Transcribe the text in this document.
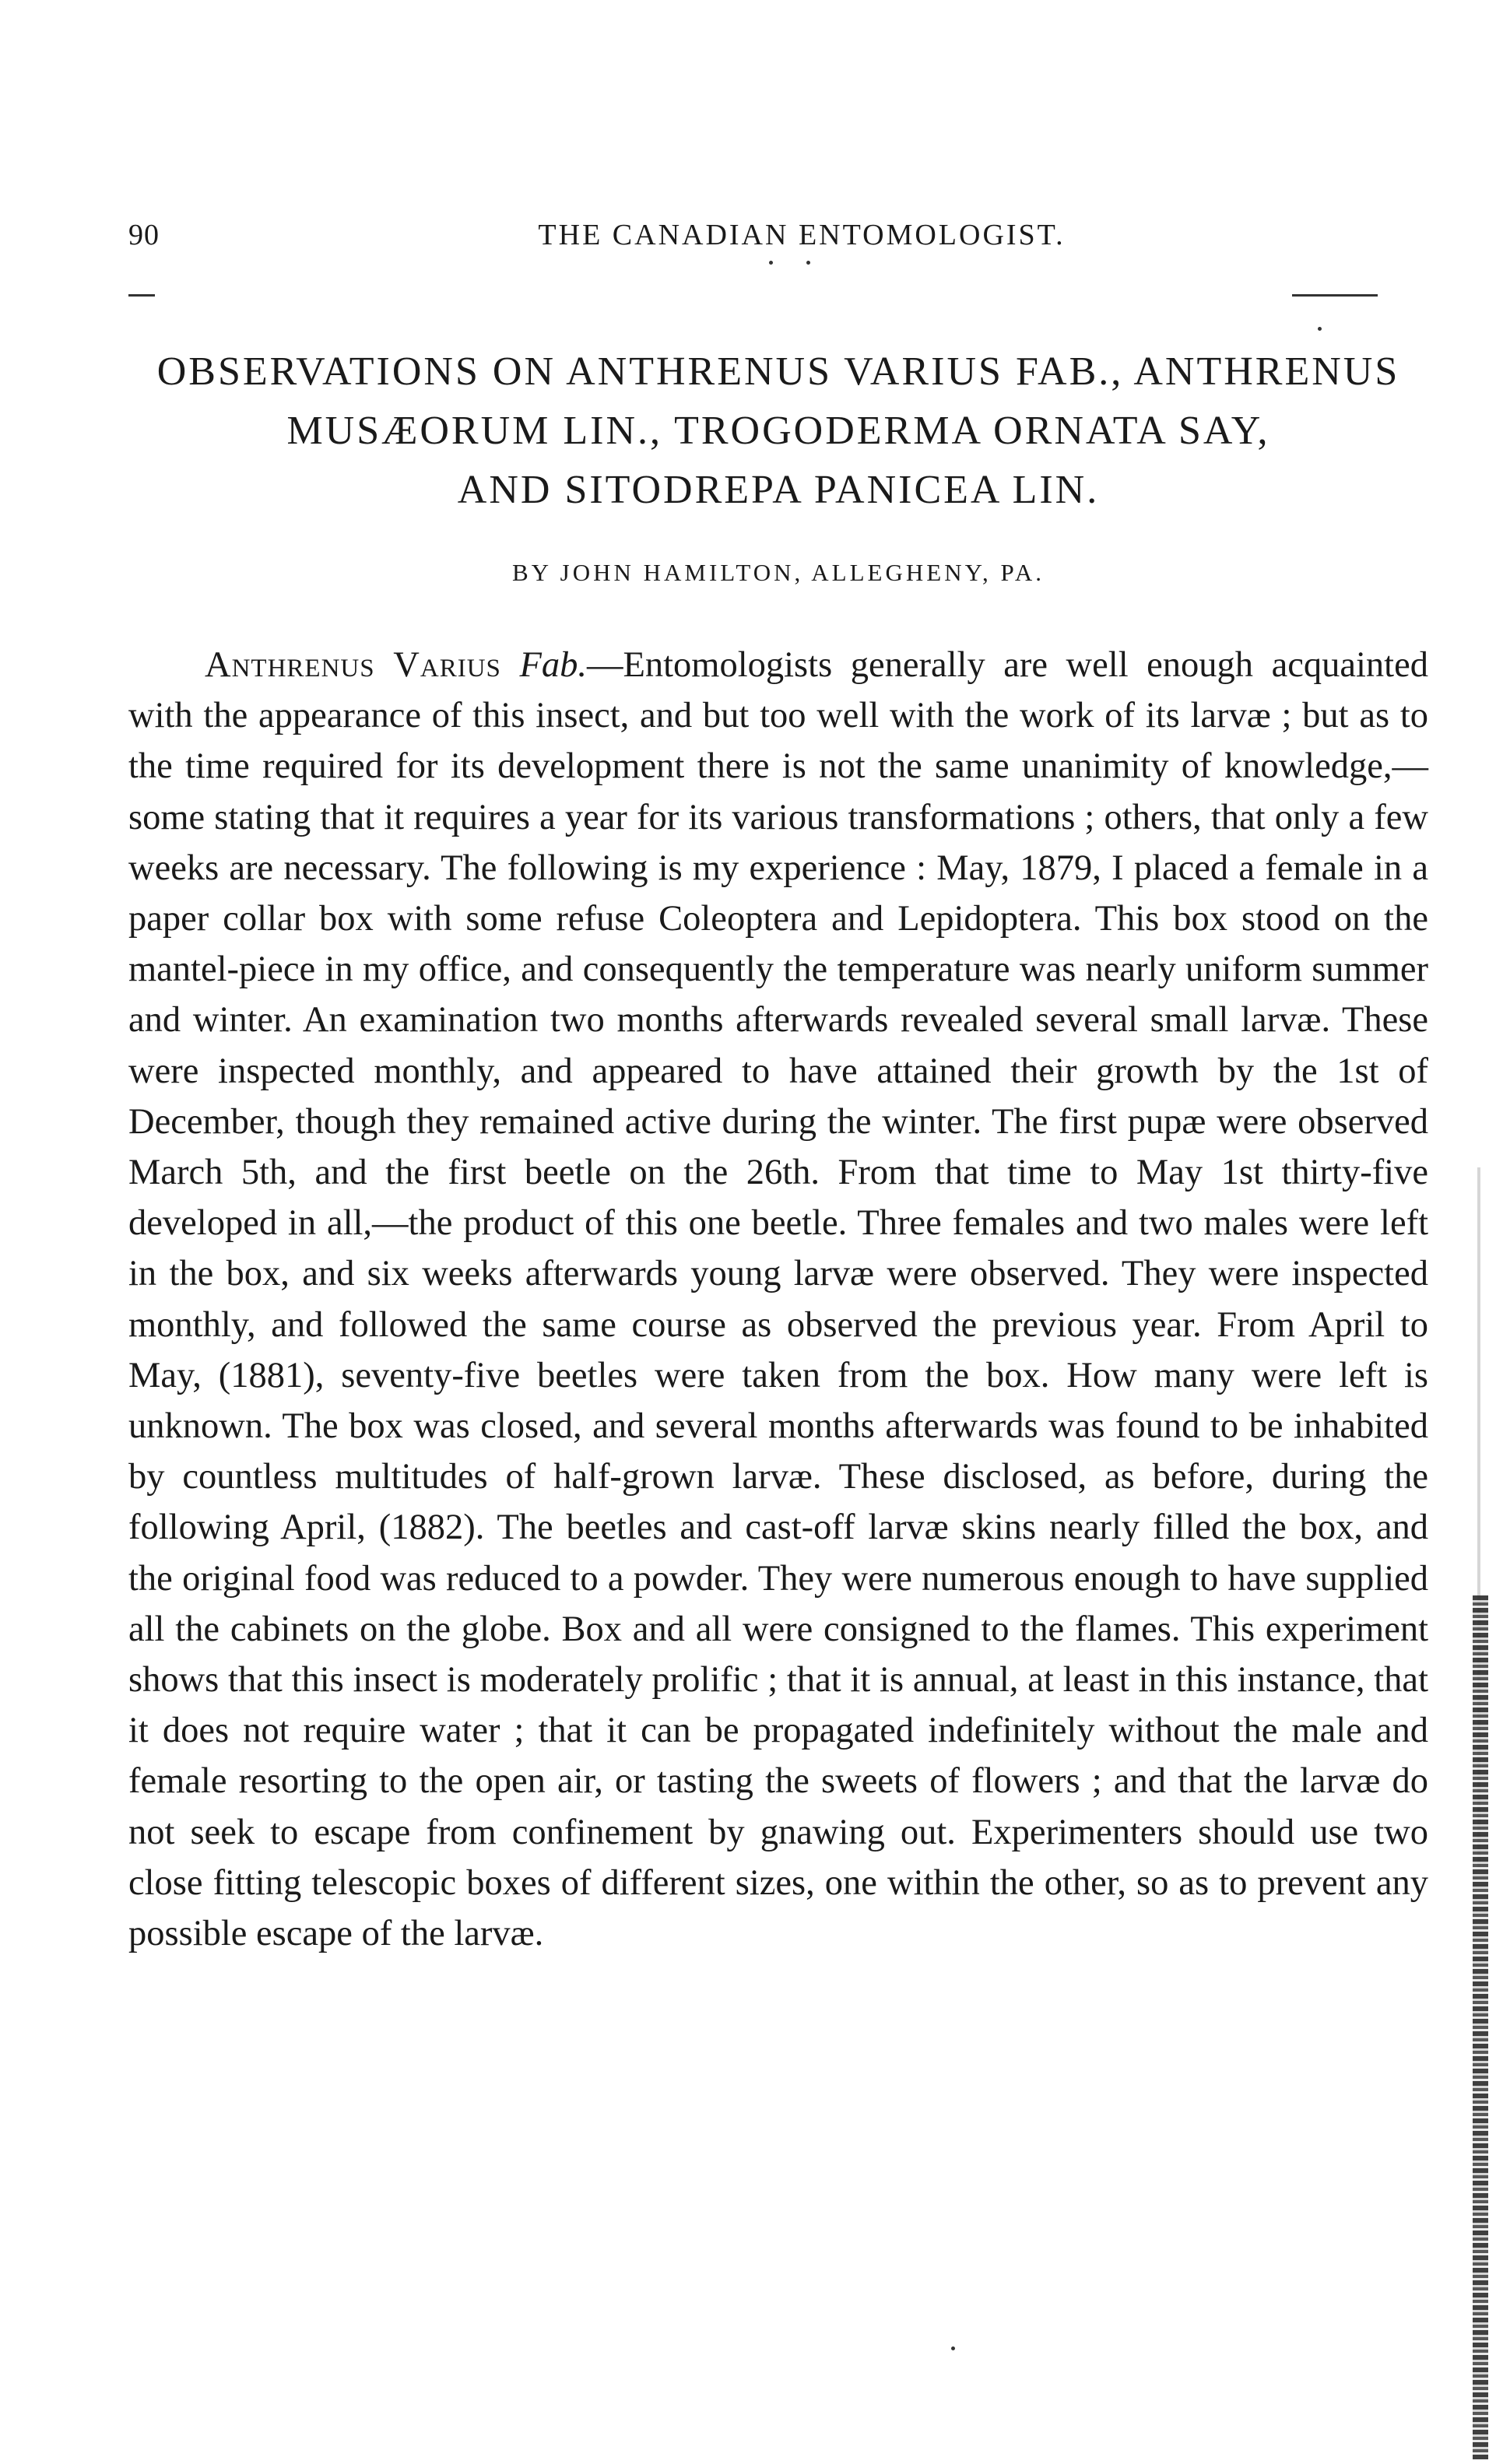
90	THE CANADIAN ENTOMOLOGIST.
OBSERVATIONS ON ANTHRENUS VARIUS FAB., ANTHRENUS
MUSÆORUM LIN., TROGODERMA ORNATA SAY,
AND SITODREPA PANICEA LIN.
BY JOHN HAMILTON, ALLEGHENY, PA.

Anthrenus Varius Fab.—Entomologists generally are well enough acquainted with the appearance of this insect, and but too well with the work of its larvæ ; but as to the time required for its development there is not the same unanimity of knowledge,—some stating that it requires a year for its various transformations ; others, that only a few weeks are necessary. The following is my experience : May, 1879, I placed a female in a paper collar box with some refuse Coleoptera and Lepidoptera. This box stood on the mantel-piece in my office, and consequently the temperature was nearly uniform summer and winter. An examination two months afterwards revealed several small larvæ. These were inspected monthly, and appeared to have attained their growth by the 1st of December, though they remained active during the winter. The first pupæ were observed March 5th, and the first beetle on the 26th. From that time to May 1st thirty-five developed in all,—the product of this one beetle. Three females and two males were left in the box, and six weeks afterwards young larvæ were observed. They were inspected monthly, and followed the same course as observed the previous year. From April to May, (1881), seventy-five beetles were taken from the box. How many were left is unknown. The box was closed, and several months afterwards was found to be inhabited by countless multitudes of half-grown larvæ. These disclosed, as before, during the following April, (1882). The beetles and cast-off larvæ skins nearly filled the box, and the original food was reduced to a powder. They were numerous enough to have supplied all the cabinets on the globe. Box and all were consigned to the flames. This experiment shows that this insect is moderately prolific ; that it is annual, at least in this instance, that it does not require water ; that it can be propagated indefinitely without the male and female resorting to the open air, or tasting the sweets of flowers ; and that the larvæ do not seek to escape from confinement by gnawing out. Experimenters should use two close fitting telescopic boxes of different sizes, one within the other, so as to prevent any possible escape of the larvæ.
